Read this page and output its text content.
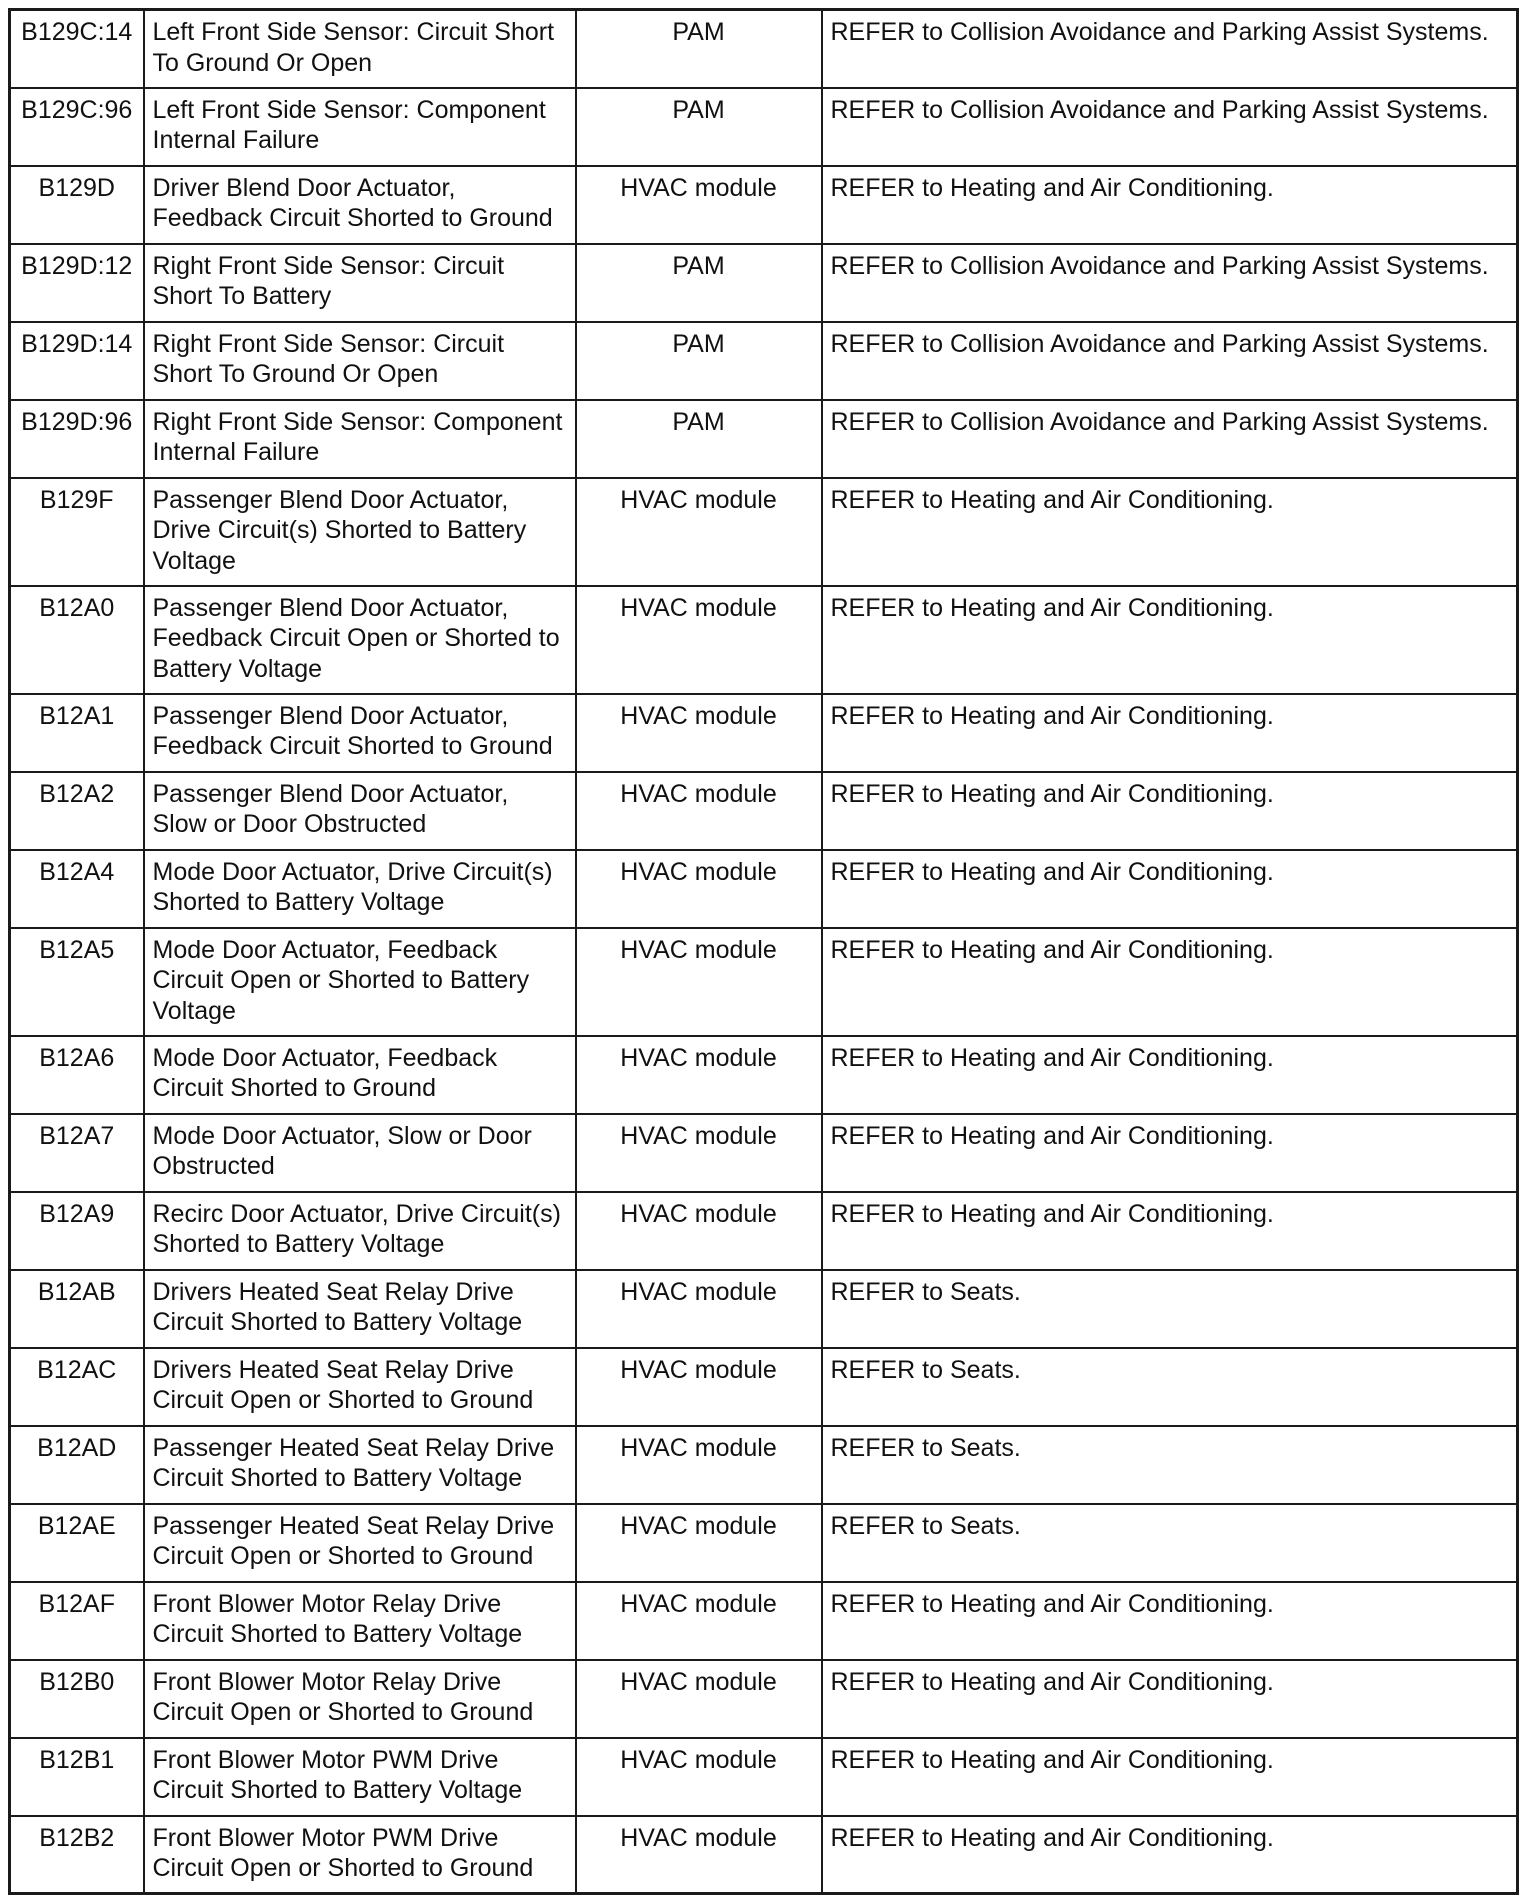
B129C:14	Left Front Side Sensor: Circuit Short To Ground Or Open	PAM	REFER to Collision Avoidance and Parking Assist Systems.
B129C:96	Left Front Side Sensor: Component Internal Failure	PAM	REFER to Collision Avoidance and Parking Assist Systems.
B129D	Driver Blend Door Actuator, Feedback Circuit Shorted to Ground	HVAC module	REFER to Heating and Air Conditioning.
B129D:12	Right Front Side Sensor: Circuit Short To Battery	PAM	REFER to Collision Avoidance and Parking Assist Systems.
B129D:14	Right Front Side Sensor: Circuit Short To Ground Or Open	PAM	REFER to Collision Avoidance and Parking Assist Systems.
B129D:96	Right Front Side Sensor: Component Internal Failure	PAM	REFER to Collision Avoidance and Parking Assist Systems.
B129F	Passenger Blend Door Actuator, Drive Circuit(s) Shorted to Battery Voltage	HVAC module	REFER to Heating and Air Conditioning.
B12A0	Passenger Blend Door Actuator, Feedback Circuit Open or Shorted to Battery Voltage	HVAC module	REFER to Heating and Air Conditioning.
B12A1	Passenger Blend Door Actuator, Feedback Circuit Shorted to Ground	HVAC module	REFER to Heating and Air Conditioning.
B12A2	Passenger Blend Door Actuator, Slow or Door Obstructed	HVAC module	REFER to Heating and Air Conditioning.
B12A4	Mode Door Actuator, Drive Circuit(s) Shorted to Battery Voltage	HVAC module	REFER to Heating and Air Conditioning.
B12A5	Mode Door Actuator, Feedback Circuit Open or Shorted to Battery Voltage	HVAC module	REFER to Heating and Air Conditioning.
B12A6	Mode Door Actuator, Feedback Circuit Shorted to Ground	HVAC module	REFER to Heating and Air Conditioning.
B12A7	Mode Door Actuator, Slow or Door Obstructed	HVAC module	REFER to Heating and Air Conditioning.
B12A9	Recirc Door Actuator, Drive Circuit(s) Shorted to Battery Voltage	HVAC module	REFER to Heating and Air Conditioning.
B12AB	Drivers Heated Seat Relay Drive Circuit Shorted to Battery Voltage	HVAC module	REFER to Seats.
B12AC	Drivers Heated Seat Relay Drive Circuit Open or Shorted to Ground	HVAC module	REFER to Seats.
B12AD	Passenger Heated Seat Relay Drive Circuit Shorted to Battery Voltage	HVAC module	REFER to Seats.
B12AE	Passenger Heated Seat Relay Drive Circuit Open or Shorted to Ground	HVAC module	REFER to Seats.
B12AF	Front Blower Motor Relay Drive Circuit Shorted to Battery Voltage	HVAC module	REFER to Heating and Air Conditioning.
B12B0	Front Blower Motor Relay Drive Circuit Open or Shorted to Ground	HVAC module	REFER to Heating and Air Conditioning.
B12B1	Front Blower Motor PWM Drive Circuit Shorted to Battery Voltage	HVAC module	REFER to Heating and Air Conditioning.
B12B2	Front Blower Motor PWM Drive Circuit Open or Shorted to Ground	HVAC module	REFER to Heating and Air Conditioning.
